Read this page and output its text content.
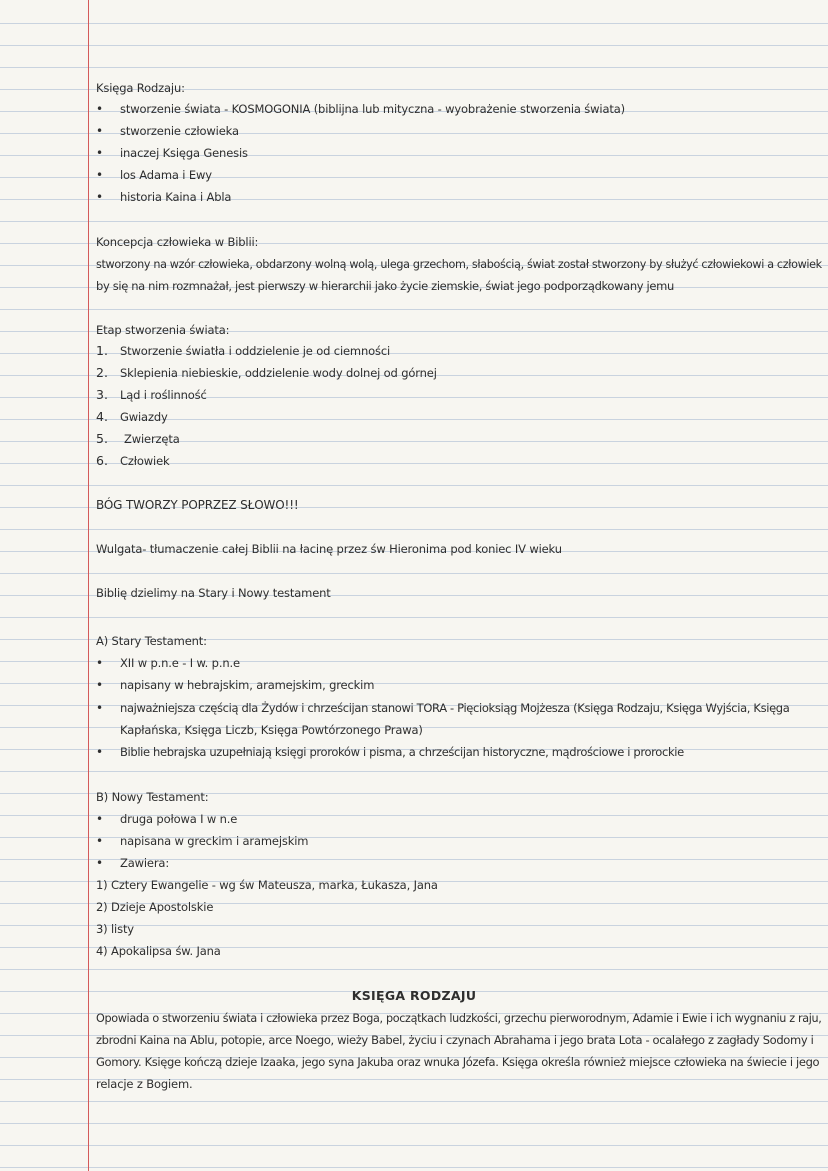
Księga Rodzaju:
• stworzenie świata - KOSMOGONIA (biblijna lub mityczna - wyobrażenie stworzenia świata)
• stworzenie człowieka
• inaczej Księga Genesis
• los Adama i Ewy
• historia Kaina i Abla
Koncepcja człowieka w Biblii:
stworzony na wzór człowieka, obdarzony wolną wolą, ulega grzechom, słabością, świat został stworzony by służyć człowiekowi a człowiek
by się na nim rozmnażał, jest pierwszy w hierarchii jako życie ziemskie, świat jego podporządkowany jemu
Etap stworzenia świata:
1. Stworzenie światła i oddzielenie je od ciemności
2. Sklepienia niebieskie, oddzielenie wody dolnej od górnej
3. Ląd i roślinność
4. Gwiazdy
5. Zwierzęta
6. Człowiek
BÓG TWORZY POPRZEZ SŁOWO!!!
Wulgata- tłumaczenie całej Biblii na łacinę przez św Hieronima pod koniec IV wieku
Biblię dzielimy na Stary i Nowy testament
A) Stary Testament:
• XII w p.n.e - I w. p.n.e
• napisany w hebrajskim, aramejskim, greckim
• najważniejsza częścią dla Żydów i chrześcijan stanowi TORA - Pięcioksiąg Mojżesza (Księga Rodzaju, Księga Wyjścia, Księga
Kapłańska, Księga Liczb, Księga Powtórzonego Prawa)
• Biblie hebrajska uzupełniają księgi proroków i pisma, a chrześcijan historyczne, mądrościowe i prorockie
B) Nowy Testament:
• druga połowa I w n.e
• napisana w greckim i aramejskim
• Zawiera:
1) Cztery Ewangelie - wg św Mateusza, marka, Łukasza, Jana
2) Dzieje Apostolskie
3) listy
4) Apokalipsa św. Jana
KSIĘGA RODZAJU
Opowiada o stworzeniu świata i człowieka przez Boga, początkach ludzkości, grzechu pierworodnym, Adamie i Ewie i ich wygnaniu z raju,
zbrodni Kaina na Ablu, potopie, arce Noego, wieży Babel, życiu i czynach Abrahama i jego brata Lota - ocalałego z zagłady Sodomy i
Gomory. Księge kończą dzieje Izaaka, jego syna Jakuba oraz wnuka Józefa. Księga określa również miejsce człowieka na świecie i jego
relacje z Bogiem.
